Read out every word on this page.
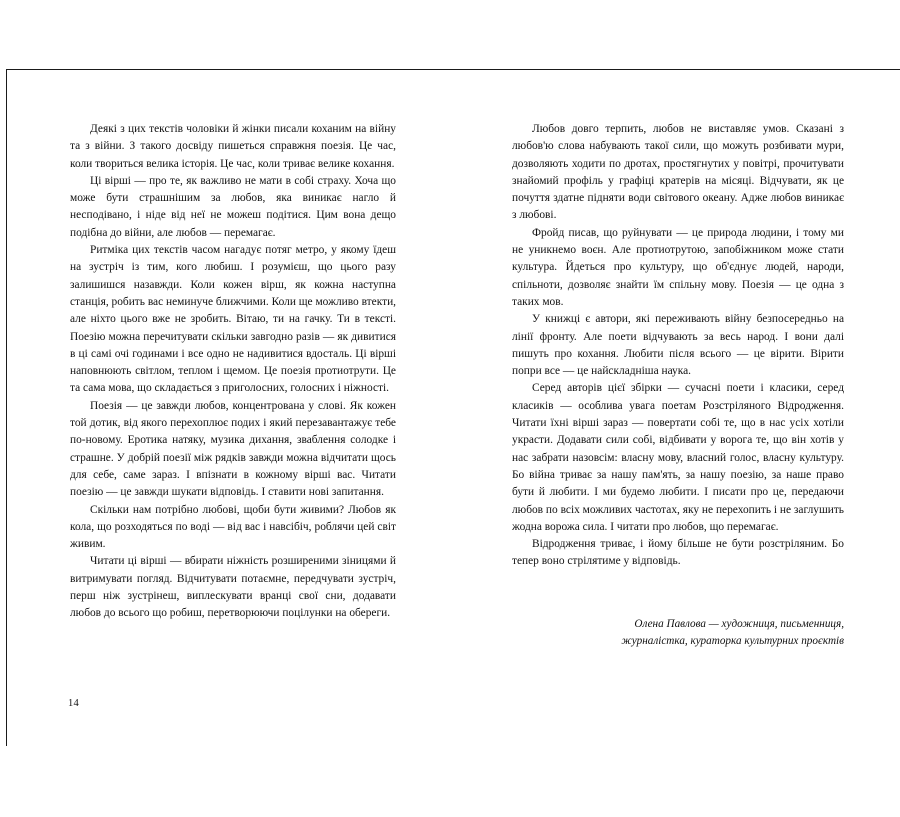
Деякі з цих текстів чоловіки й жінки писали коханим на війну та з війни. З такого досвіду пишеться справжня поезія. Це час, коли твориться велика історія. Це час, коли триває велике кохання.

Ці вірші — про те, як важливо не мати в собі страху. Хоча що може бути страшнішим за любов, яка виникає нагло й несподівано, і ніде від неї не можеш подітися. Цим вона дещо подібна до війни, але любов — перемагає.

Ритміка цих текстів часом нагадує потяг метро, у якому їдеш на зустріч із тим, кого любиш. І розумієш, що цього разу залишишся назавжди. Коли кожен вірш, як кожна наступна станція, робить вас неминуче ближчими. Коли ще можливо втекти, але ніхто цього вже не зробить. Вітаю, ти на гачку. Ти в тексті. Поезію можна перечитувати скільки завгодно разів — як дивитися в ці самі очі годинами і все одно не надивитися вдосталь. Ці вірші наповнюють світлом, теплом і щемом. Це поезія протиотрути. Це та сама мова, що складається з приголосних, голосних і ніжності.

Поезія — це завжди любов, концентрована у слові. Як кожен той дотик, від якого перехоплює подих і який перезавантажує тебе по-новому. Еротика натяку, музика дихання, зваблення солодке і страшне. У добрій поезії між рядків завжди можна відчитати щось для себе, саме зараз. І впізнати в кожному вірші вас. Читати поезію — це завжди шукати відповідь. І ставити нові запитання.

Скільки нам потрібно любові, щоби бути живими? Любов як кола, що розходяться по воді — від вас і навсібіч, роблячи цей світ живим.

Читати ці вірші — вбирати ніжність розширеними зіницями й витримувати погляд. Відчитувати потаємне, передчувати зустріч, перш ніж зустрінеш, виплескувати вранці свої сни, додавати любов до всього що робиш, перетворюючи поцілунки на обереги.

Любов довго терпить, любов не виставляє умов. Сказані з любов'ю слова набувають такої сили, що можуть розбивати мури, дозволяють ходити по дротах, простягнутих у повітрі, прочитувати знайомий профіль у графіці кратерів на місяці. Відчувати, як це почуття здатне підняти води світового океану. Адже любов виникає з любові.

Фройд писав, що руйнувати — це природа людини, і тому ми не уникнемо воєн. Але протиотрутою, запобіжником може стати культура. Йдеться про культуру, що об'єднує людей, народи, спільноти, дозволяє знайти їм спільну мову. Поезія — це одна з таких мов.

У книжці є автори, які переживають війну безпосередньо на лінії фронту. Але поети відчувають за весь народ. І вони далі пишуть про кохання. Любити після всього — це вірити. Вірити попри все — це найскладніша наука.

Серед авторів цієї збірки — сучасні поети і класики, серед класиків — особлива увага поетам Розстріляного Відродження. Читати їхні вірші зараз — повертати собі те, що в нас усіх хотіли украсти. Додавати сили собі, відбивати у ворога те, що він хотів у нас забрати назовсім: власну мову, власний голос, власну культуру. Бо війна триває за нашу пам'ять, за нашу поезію, за наше право бути й любити. І ми будемо любити. І писати про це, передаючи любов по всіх можливих частотах, яку не перехопить і не заглушить жодна ворожа сила. І читати про любов, що перемагає.

Відродження триває, і йому більше не бути розстріляним. Бо тепер воно стрілятиме у відповідь.

Олена Павлова — художниця, письменниця,
журналістка, кураторка культурних проєктів
14
